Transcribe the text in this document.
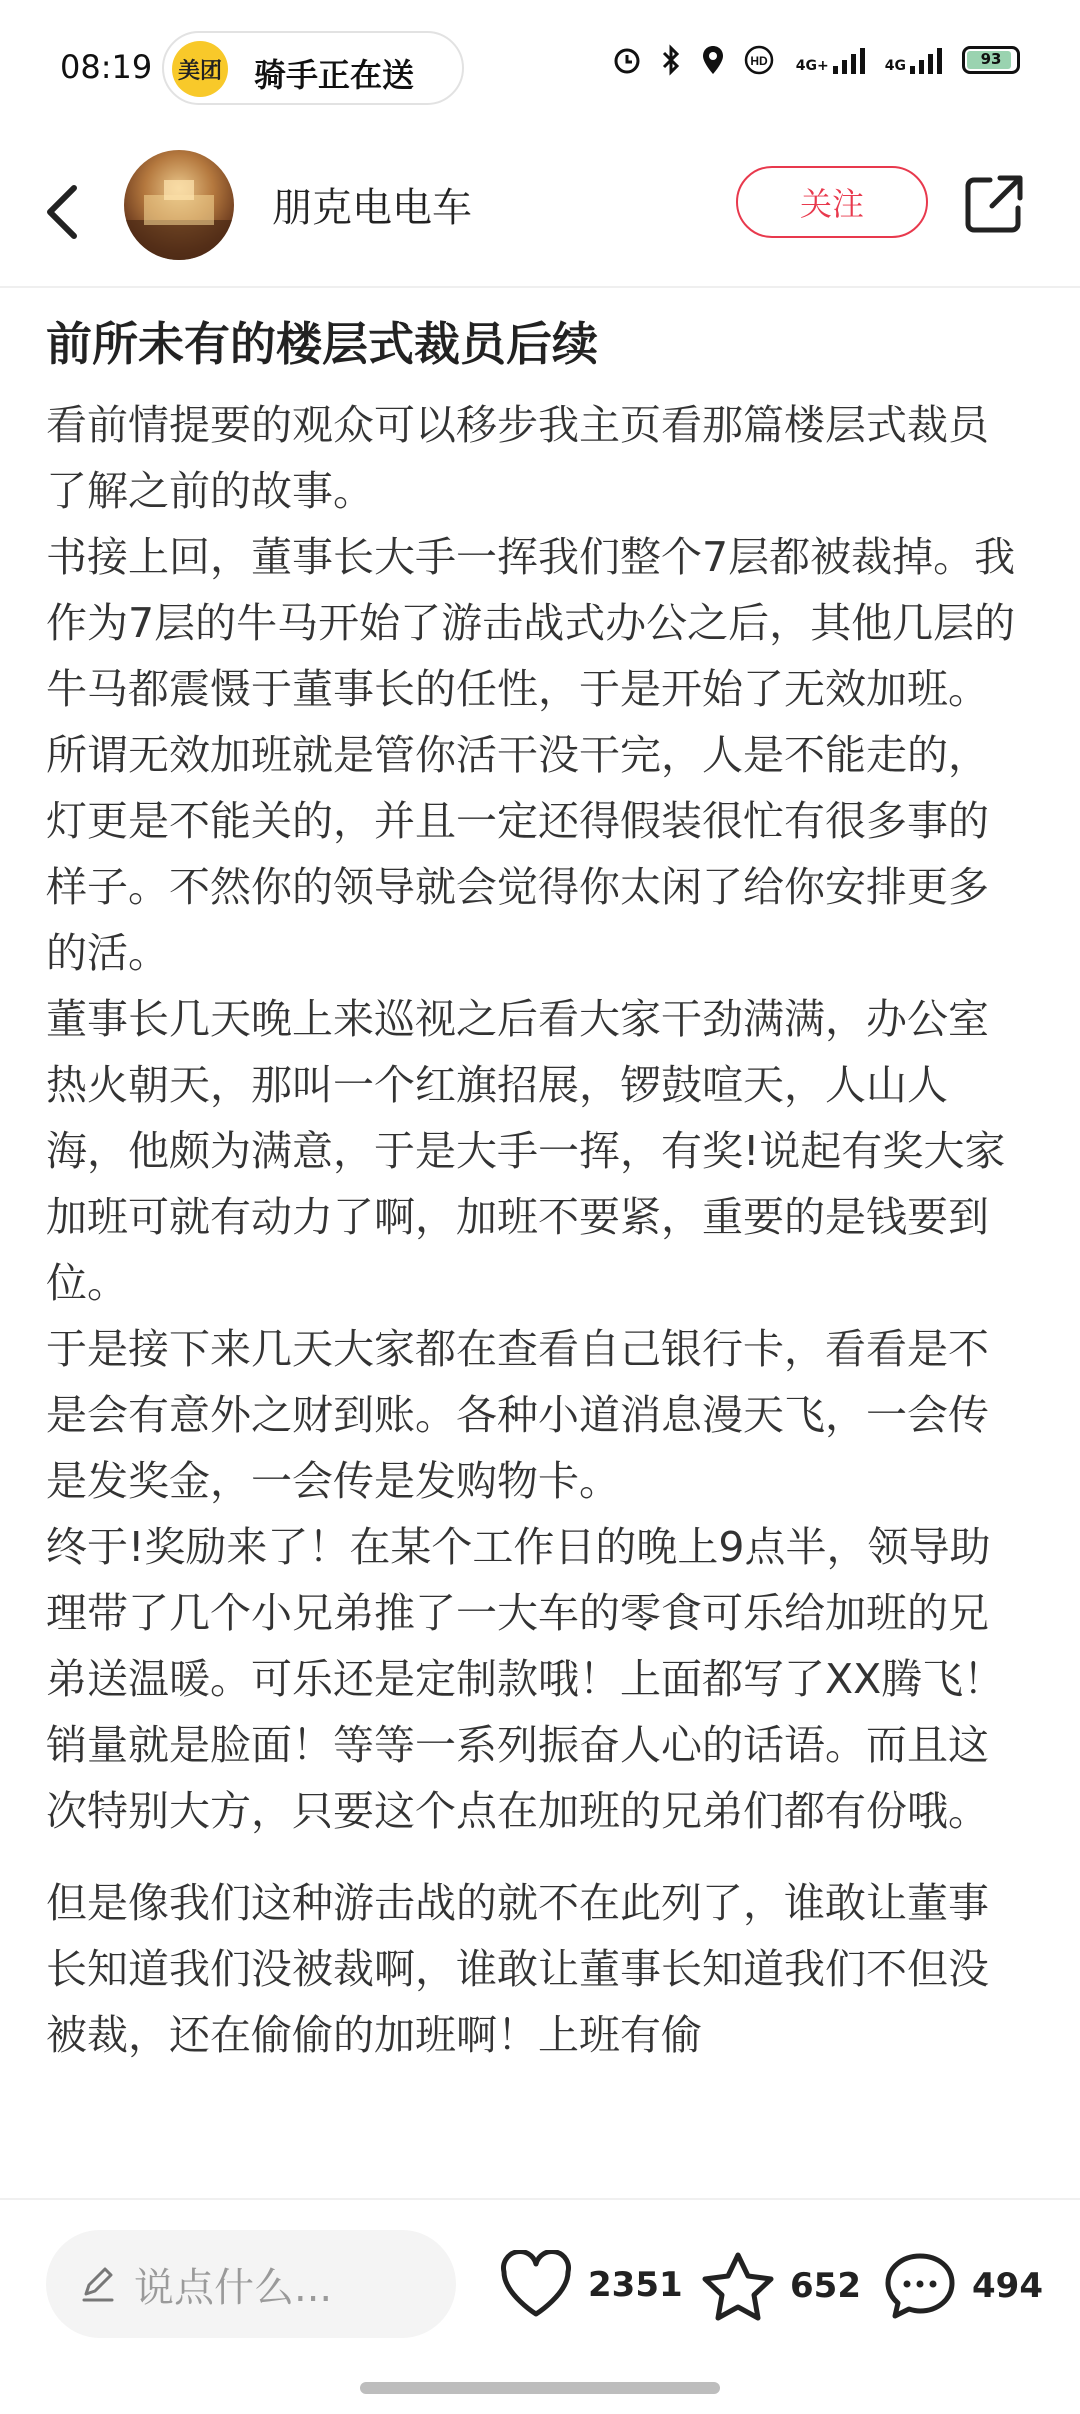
08:19 美团 骑手正在送	HD 4G+	4G	93
朋克电电车	关注
前所未有的楼层式裁员后续

看前情提要的观众可以移步我主页看那篇楼层式裁员了解之前的故事。

书接上回，董事长大手一挥我们整个7层都被裁掉。我作为7层的牛马开始了游击战式办公之后，其他几层的牛马都震慑于董事长的任性，于是开始了无效加班。

所谓无效加班就是管你活干没干完，人是不能走的，灯更是不能关的，并且一定还得假装很忙有很多事的样子。不然你的领导就会觉得你太闲了给你安排更多的活。

董事长几天晚上来巡视之后看大家干劲满满，办公室热火朝天，那叫一个红旗招展，锣鼓喧天，人山人海，他颇为满意，于是大手一挥，有奖!说起有奖大家加班可就有动力了啊，加班不要紧，重要的是钱要到位。

于是接下来几天大家都在查看自己银行卡，看看是不是会有意外之财到账。各种小道消息漫天飞，一会传是发奖金，一会传是发购物卡。

终于!奖励来了！在某个工作日的晚上9点半，领导助理带了几个小兄弟推了一大车的零食可乐给加班的兄弟送温暖。可乐还是定制款哦！上面都写了XX腾飞！销量就是脸面！等等一系列振奋人心的话语。而且这次特别大方，只要这个点在加班的兄弟们都有份哦。

但是像我们这种游击战的就不在此列了，谁敢让董事长知道我们没被裁啊，谁敢让董事长知道我们不但没被裁，还在偷偷的加班啊！上班有偷

说点什么...	2351	652	494
